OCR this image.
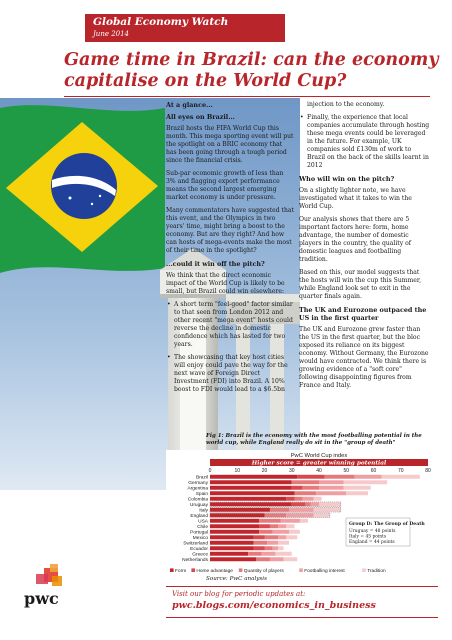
Global Economy Watch
June 2014
Game time in Brazil: can the economy capitalise on the World Cup?
At a glance...
All eyes on Brazil...

Brazil hosts the FIFA World Cup this month. This mega sporting event will put the spotlight on a BRIC economy that has been going through a tough period since the financial crisis.

Sub-par economic growth of less than 3% and flagging export performance means the second largest emerging market economy is under pressure.

Many commentators have suggested that this event, and the Olympics in two years' time, might bring a boost to the economy. But are they right? And how can hosts of mega-events make the most of their time in the spotlight?

...could it win off the pitch?

We think that the direct economic impact of the World Cup is likely to be small, but Brazil could win elsewhere:

• A short term "feel-good" factor similar to that seen from London 2012 and other recent "mega event" hosts could reverse the decline in domestic confidence which has lasted for two years.
• The showcasing that key host cities will enjoy could pave the way for the next wave of Foreign Direct Investment (FDI) into Brazil. A 10% boost to FDI would lead to a $6.5bn

injection to the economy.

• Finally, the experience that local companies accumulate through hosting these mega events could be leveraged in the future. For example, UK companies sold £130m of work to Brazil on the back of the skills learnt in 2012
Who will win on the pitch?

On a slightly lighter note, we have investigated what it takes to win the World Cup.

Our analysis shows that there are 5 important factors here: form, home advantage, the number of domestic players in the country, the quality of domestic leagues and footballing tradition.

Based on this, our model suggests that the hosts will win the cup this Summer, while England look set to exit in the quarter finals again.

The UK and Eurozone outpaced the US in the first quarter

The UK and Eurozone grew faster than the US in the first quarter, but the bloc exposed its reliance on its biggest economy. Without Germany, the Eurozone would have contracted. We think there is growing evidence of a "soft core" following disappointing figures from France and Italy.

Fig 1: Brazil is the economy with the most footballing potential in the world cup, while England really do sit in the "group of death"
PwC World Cup index
Higher score = greater winning potential
0	10	20	30	40	50	60	70	80
Brazil
Germany
Argentina
Spain
Colombia
Uruguay
Italy
England
USA
Chile
Portugal
Mexico
Switzerland
Ecuador
Greece
Netherlands
Group D: The Group of Death
Uruguay = 48 points
Italy = 45 points
England = 44 points
Form Home advantage Quantity of players	Footballing interest	Tradition
Source: PwC analysis
pwc	Visit our blog for periodic updates at:
pwc.blogs.com/economics_in_business
